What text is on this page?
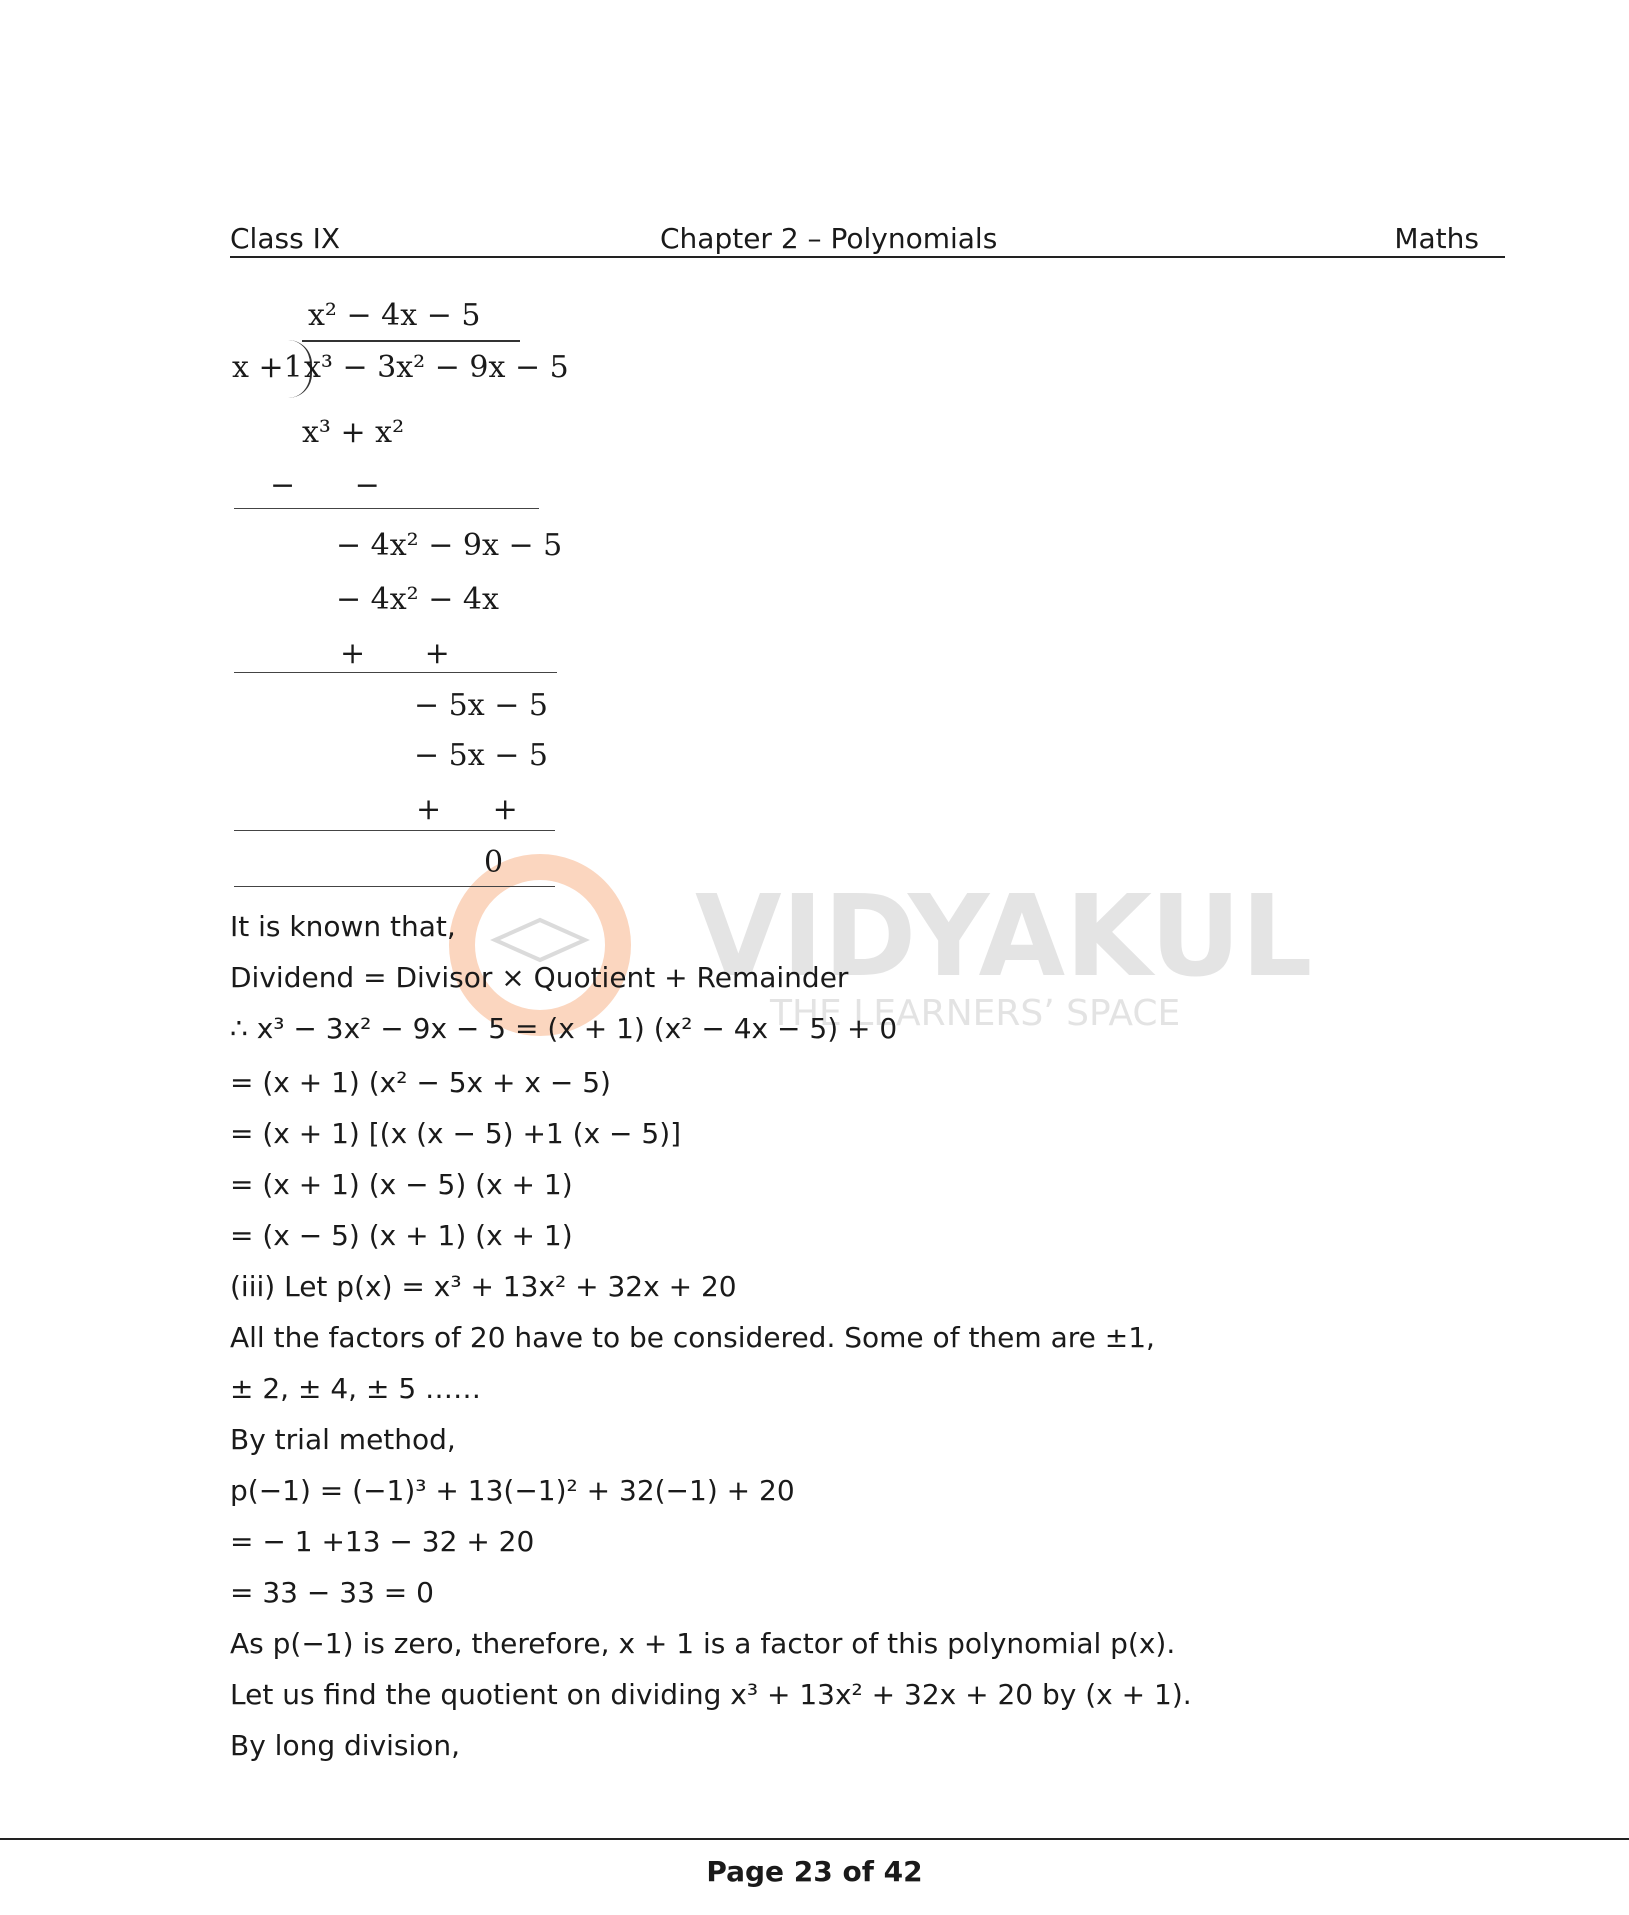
Class IX	Chapter 2 – Polynomials	Maths
VIDYAKUL
THE LEARNERS’ SPACE
x² − 4x − 5
x +1 x³ − 3x² − 9x − 5
x³ + x²
− −
− 4x² − 9x − 5
− 4x² − 4x
+ +
− 5x − 5
− 5x − 5
+ +
0
It is known that,
Dividend = Divisor × Quotient + Remainder
∴ x³ − 3x² − 9x − 5 = (x + 1) (x² − 4x − 5) + 0
= (x + 1) (x² − 5x + x − 5)
= (x + 1) [(x (x − 5) +1 (x − 5)]
= (x + 1) (x − 5) (x + 1)
= (x − 5) (x + 1) (x + 1)
(iii) Let p(x) = x³ + 13x² + 32x + 20
All the factors of 20 have to be considered. Some of them are ±1,
± 2, ± 4, ± 5 ……
By trial method,
p(−1) = (−1)³ + 13(−1)² + 32(−1) + 20
= − 1 +13 − 32 + 20
= 33 − 33 = 0
As p(−1) is zero, therefore, x + 1 is a factor of this polynomial p(x).
Let us find the quotient on dividing x³ + 13x² + 32x + 20 by (x + 1).
By long division,
Page 23 of 42
